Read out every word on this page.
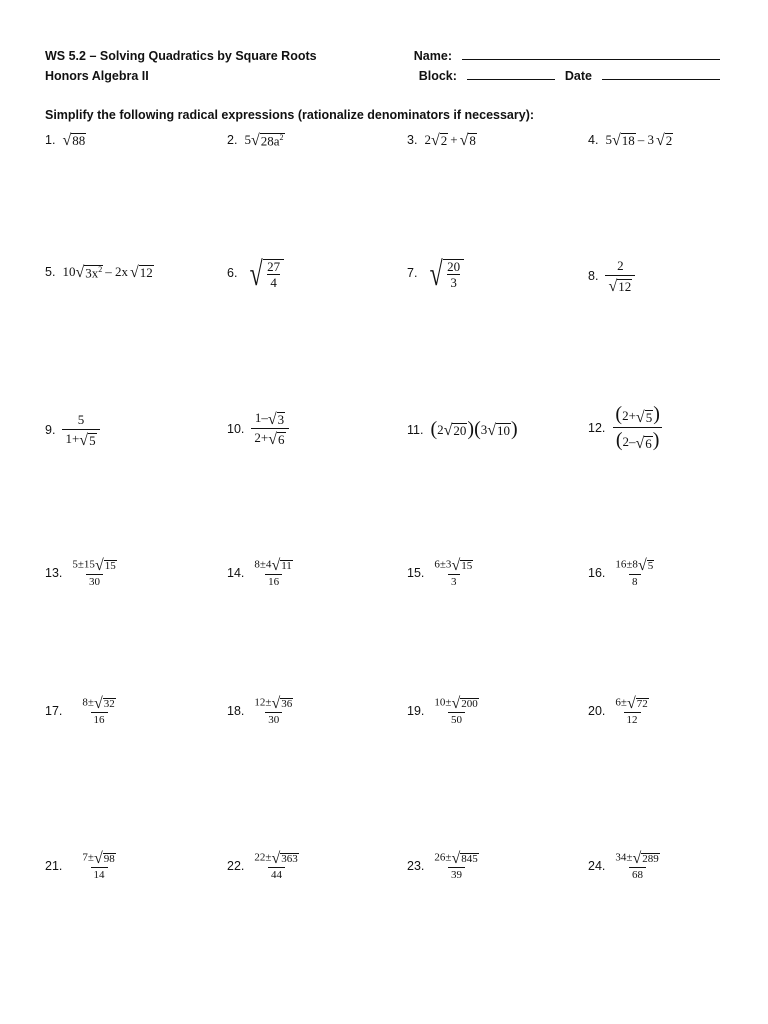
WS 5.2 – Solving Quadratics by Square Roots
Honors Algebra II
Name:
Block:	Date
Simplify the following radical expressions (rationalize denominators if necessary):
1. √ 88	2. 5 √ $28a^2$	3. 2 √ 2 + √ 8	4. 5 √ 18 – 3 √ 2
5. 10 √ $3x^2 - 2x$ √ 12	6. √ $\frac{27}{4}$	7. √ $\frac{20}{3}$	8. $\frac{2}{√ 12}$
9. $\frac{5}{1+ √ 5}$	10. $\frac{1- √ 3}{2+ √ 6}$	11. ( 2 √ 20 ) ( 3 √ 10 )	12. $\frac{(2+ √ 5 )}{(2- √ 6 )}$
13. $\frac{5\pm 15 √ 15}{30}$	14. $\frac{8\pm 4 √ 11}{16}$	15. $\frac{6\pm 3 √ 15}{3}$	16. $\frac{16\pm 8 √ 5}{8}$
17. $\frac{8\pm √ 32}{16}$	18. $\frac{12\pm √ 36}{30}$	19. $\frac{10\pm √ 200}{50}$	20. $\frac{6\pm √ 72}{12}$
21. $\frac{7\pm √ 98}{14}$	22. $\frac{22\pm √ 363}{44}$	23. $\frac{26\pm √ 845}{39}$	24. $\frac{34\pm √ 289}{68}$
